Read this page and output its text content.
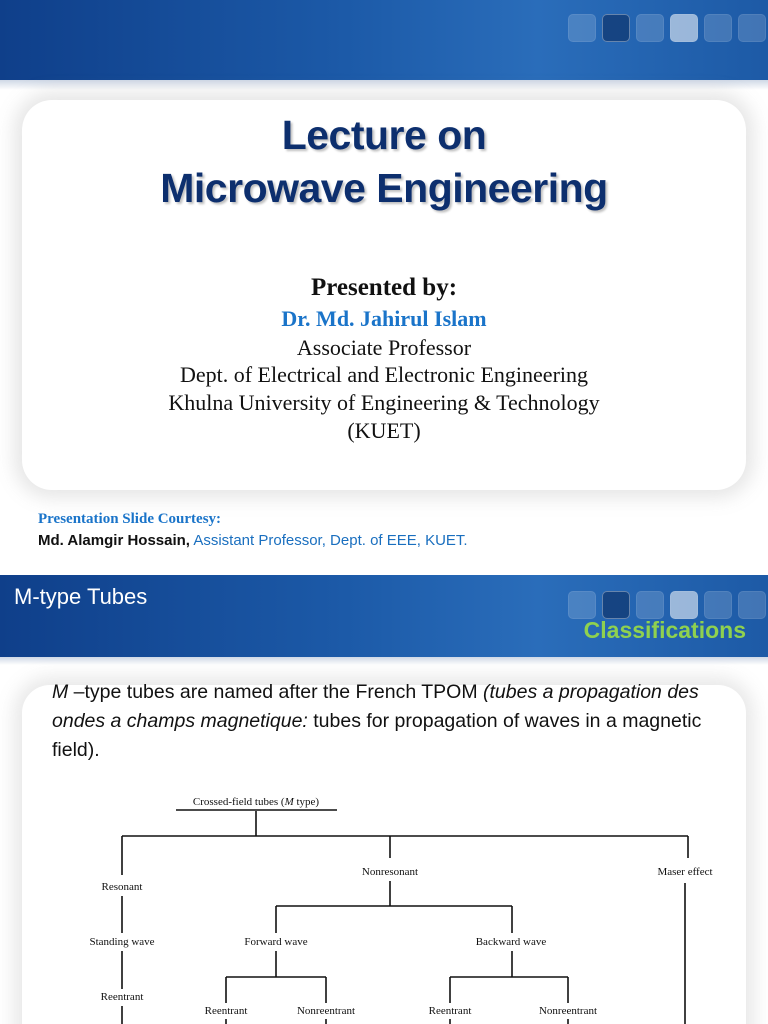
Lecture on
Microwave Engineering
Presented by:
Dr. Md. Jahirul Islam
Associate Professor
Dept. of Electrical and Electronic Engineering
Khulna University of Engineering & Technology
(KUET)
Presentation Slide Courtesy:
Md. Alamgir Hossain, Assistant Professor, Dept. of EEE, KUET.
M-type Tubes
Classifications
M –type tubes are named after the French TPOM (tubes a propagation des ondes a champs magnetique: tubes for propagation of waves in a magnetic field).
Crossed-field tubes (M type)
Resonant
Nonresonant	Maser effect
Standing wave
Reentrant
Forward wave	Backward wave
Reentrant	Nonreentrant	Reentrant	Nonreentrant
